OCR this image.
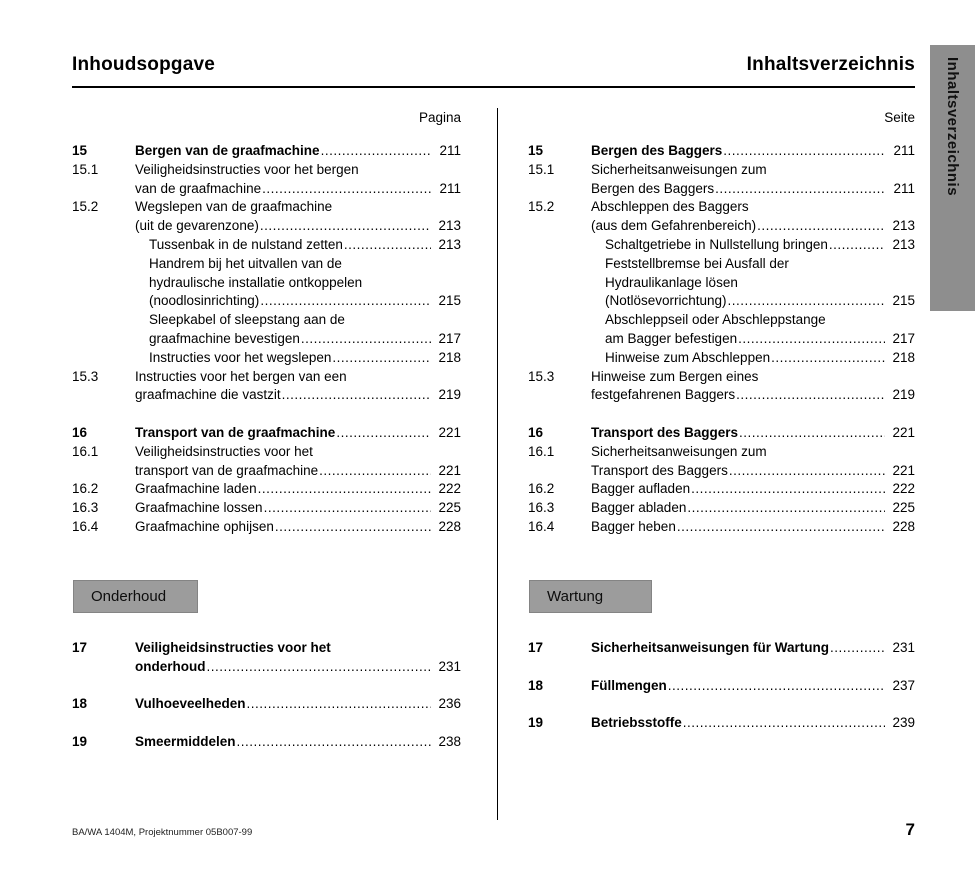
Inhoudsopgave	Inhaltsverzeichnis Inhaltsverzeichnis
Pagina	Seite
15	Bergen van de graafmachine .....	211
15.1	Veiligheidsinstructies voor het bergen
van de graafmachine .....	211
15.2	Wegslepen van de graafmachine
(uit de gevarenzone) .....	213
Tussenbak in de nulstand zetten .....	213
Handrem bij het uitvallen van de
hydraulische installatie ontkoppelen
(noodlosinrichting) .....	215
Sleepkabel of sleepstang aan de
graafmachine bevestigen .....	217
Instructies voor het wegslepen .....	218
15.3	Instructies voor het bergen van een
graafmachine die vastzit .....	219
16	Transport van de graafmachine .....	221
16.1	Veiligheidsinstructies voor het
transport van de graafmachine .....	221
16.2	Graafmachine laden .....	222
16.3	Graafmachine lossen .....	225
16.4	Graafmachine ophijsen .....	228
15	Bergen des Baggers .....	211
15.1	Sicherheitsanweisungen zum
Bergen des Baggers .....	211
15.2	Abschleppen des Baggers
(aus dem Gefahrenbereich) .....	213
Schaltgetriebe in Nullstellung bringen .....	213
Feststellbremse bei Ausfall der
Hydraulikanlage lösen
(Notlösevorrichtung) .....	215
Abschleppseil oder Abschleppstange
am Bagger befestigen .....	217
Hinweise zum Abschleppen .....	218
15.3	Hinweise zum Bergen eines
festgefahrenen Baggers .....	219
16	Transport des Baggers .....	221
16.1	Sicherheitsanweisungen zum
Transport des Baggers .....	221
16.2	Bagger aufladen .....	222
16.3	Bagger abladen .....	225
16.4	Bagger heben .....	228
Onderhoud	Wartung
17	Veiligheidsinstructies voor het
onderhoud .....	231
18	Vulhoeveelheden .....	236
19	Smeermiddelen .....	238
17	Sicherheitsanweisungen für Wartung .....	231
18	Füllmengen .....	237
19	Betriebsstoffe .....	239
BA/WA 1404M, Projektnummer 05B007-99	7
